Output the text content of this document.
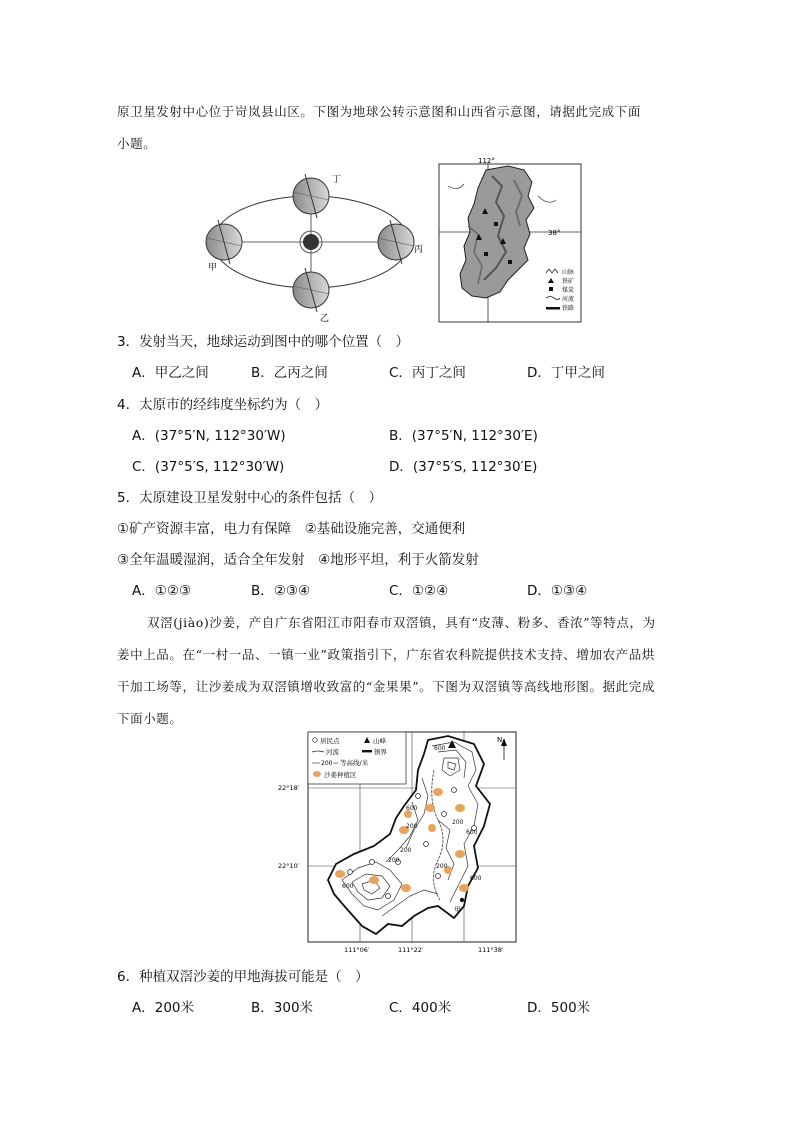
原卫星发射中心位于岢岚县山区。下图为地球公转示意图和山西省示意图，请据此完成下面
小题。
甲
丁
丙
乙
112°
38°
山脉
铁矿
煤炭
河流
铁路
3．发射当天，地球运动到图中的哪个位置（　）
A．甲乙之间	B．乙丙之间	C．丙丁之间	D．丁甲之间
4．太原市的经纬度坐标约为（　）
A．(37°5′N, 112°30′W)	B．(37°5′N, 112°30′E)
C．(37°5′S, 112°30′W)	D．(37°5′S, 112°30′E)
5．太原建设卫星发射中心的条件包括（　）
①矿产资源丰富，电力有保障　②基础设施完善，交通便利
③全年温暖湿润，适合全年发射　④地形平坦，利于火箭发射
A．①②③	B．②③④	C．①②④	D．①③④
双滘(jiào)沙姜，产自广东省阳江市阳春市双滘镇，具有“皮薄、粉多、香浓”等特点，为
姜中上品。在“一村一品、一镇一业”政策指引下，广东省农科院提供技术支持、增加农产品烘
干加工场等，让沙姜成为双滘镇增收致富的“金果果”。下图为双滘镇等高线地形图。据此完成
下面小题。
甲
600
600
200
200
200
200
600
200
600
600
N
居民点	山峰
河流	镇界
200 等高线/米
沙姜种植区
22°18′
22°10′
111°06′	111°22′	111°38′
6．种植双滘沙姜的甲地海拔可能是（　）
A．200米	B．300米	C．400米	D．500米
